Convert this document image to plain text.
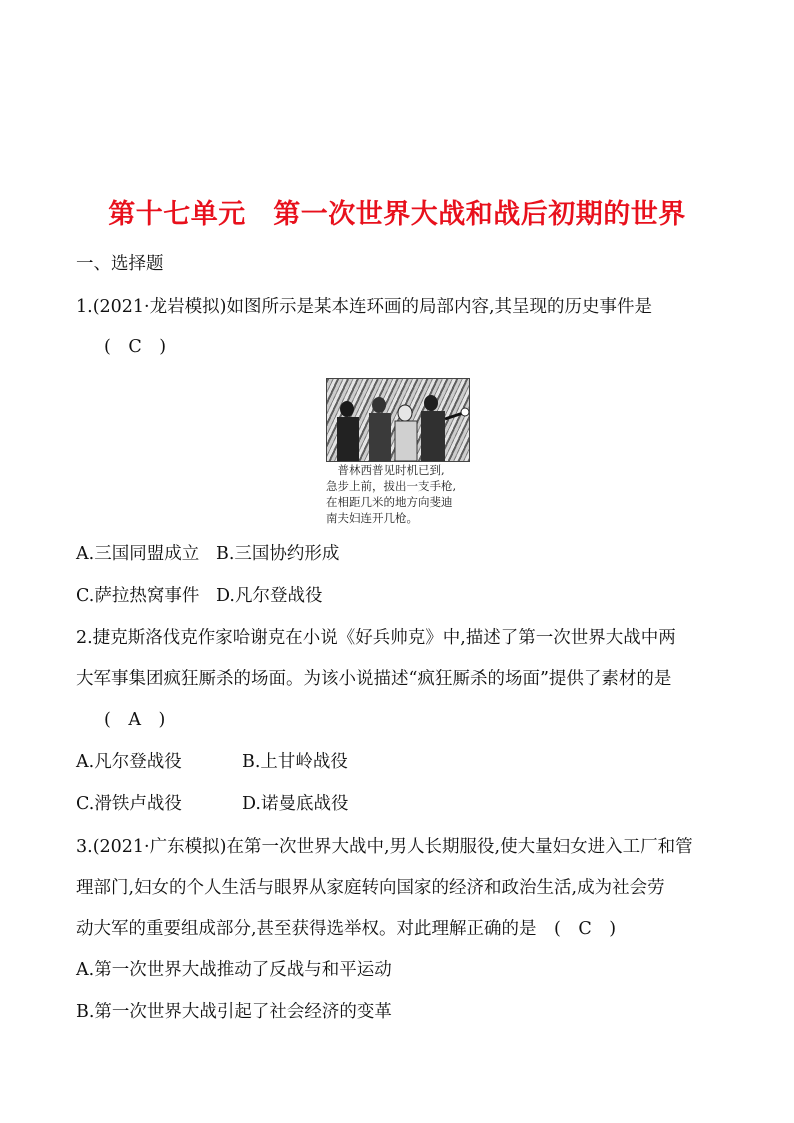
第十七单元　第一次世界大战和战后初期的世界
一、选择题
1.(2021·龙岩模拟)如图所示是某本连环画的局部内容,其呈现的历史事件是
(　C　)
　普林西普见时机已到,
急步上前，拔出一支手枪,
在相距几米的地方向斐迪
南夫妇连开几枪。
A.三国同盟成立 B.三国协约形成
C.萨拉热窝事件 D.凡尔登战役
2.捷克斯洛伐克作家哈谢克在小说《好兵帅克》中,描述了第一次世界大战中两
大军事集团疯狂厮杀的场面。为该小说描述“疯狂厮杀的场面”提供了素材的是
(　A　)
A.凡尔登战役	B.上甘岭战役
C.滑铁卢战役	D.诺曼底战役
3.(2021·广东模拟)在第一次世界大战中,男人长期服役,使大量妇女进入工厂和管
理部门,妇女的个人生活与眼界从家庭转向国家的经济和政治生活,成为社会劳
动大军的重要组成部分,甚至获得选举权。对此理解正确的是　(　C　)
A.第一次世界大战推动了反战与和平运动
B.第一次世界大战引起了社会经济的变革
